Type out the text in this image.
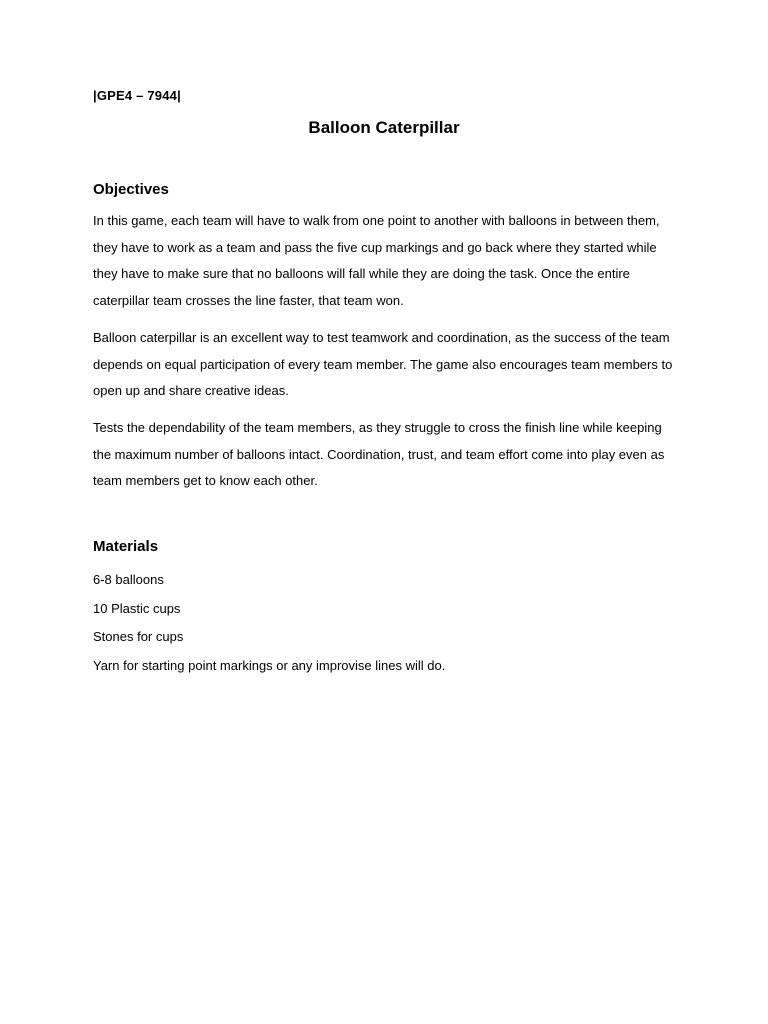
|GPE4 – 7944|
Balloon Caterpillar
Objectives
In this game, each team will have to walk from one point to another with balloons in between them, they have to work as a team and pass the five cup markings and go back where they started while they have to make sure that no balloons will fall while they are doing the task. Once the entire caterpillar team crosses the line faster, that team won.
Balloon caterpillar is an excellent way to test teamwork and coordination, as the success of the team depends on equal participation of every team member. The game also encourages team members to open up and share creative ideas.
Tests the dependability of the team members, as they struggle to cross the finish line while keeping the maximum number of balloons intact. Coordination, trust, and team effort come into play even as team members get to know each other.
Materials
6-8 balloons
10 Plastic cups
Stones for cups
Yarn for starting point markings or any improvise lines will do.
